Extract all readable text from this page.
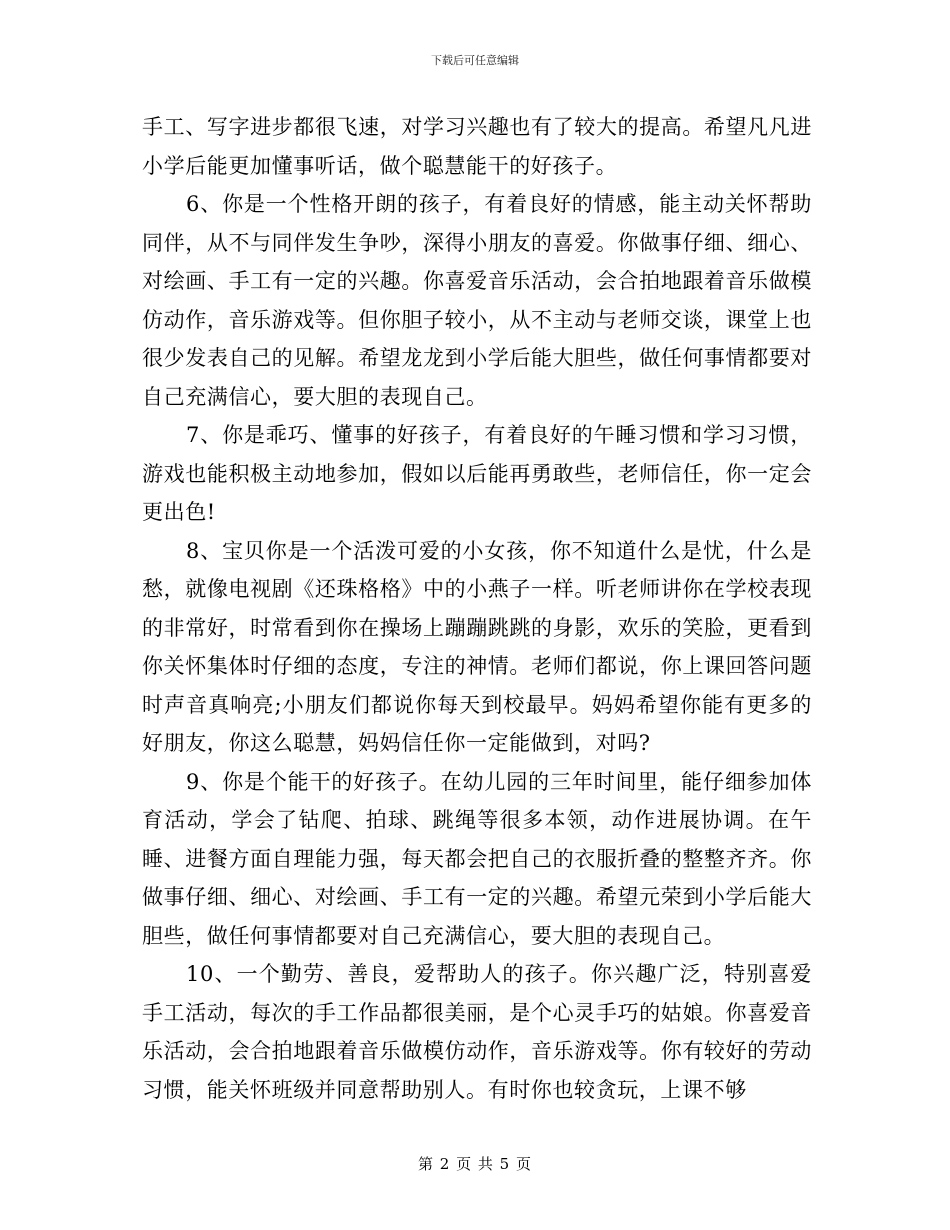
下载后可任意编辑

手工、写字进步都很飞速，对学习兴趣也有了较大的提高。希望凡凡进小学后能更加懂事听话，做个聪慧能干的好孩子。

6、你是一个性格开朗的孩子，有着良好的情感，能主动关怀帮助同伴，从不与同伴发生争吵，深得小朋友的喜爱。你做事仔细、细心、对绘画、手工有一定的兴趣。你喜爱音乐活动，会合拍地跟着音乐做模仿动作，音乐游戏等。但你胆子较小，从不主动与老师交谈，课堂上也很少发表自己的见解。希望龙龙到小学后能大胆些，做任何事情都要对自己充满信心，要大胆的表现自己。

7、你是乖巧、懂事的好孩子，有着良好的午睡习惯和学习习惯，游戏也能积极主动地参加，假如以后能再勇敢些，老师信任，你一定会更出色!

8、宝贝你是一个活泼可爱的小女孩，你不知道什么是忧，什么是愁，就像电视剧《还珠格格》中的小燕子一样。听老师讲你在学校表现的非常好，时常看到你在操场上蹦蹦跳跳的身影，欢乐的笑脸，更看到你关怀集体时仔细的态度，专注的神情。老师们都说，你上课回答问题时声音真响亮;小朋友们都说你每天到校最早。妈妈希望你能有更多的好朋友，你这么聪慧，妈妈信任你一定能做到，对吗?

9、你是个能干的好孩子。在幼儿园的三年时间里，能仔细参加体育活动，学会了钻爬、拍球、跳绳等很多本领，动作进展协调。在午睡、进餐方面自理能力强，每天都会把自己的衣服折叠的整整齐齐。你做事仔细、细心、对绘画、手工有一定的兴趣。希望元荣到小学后能大胆些，做任何事情都要对自己充满信心，要大胆的表现自己。

10、一个勤劳、善良，爱帮助人的孩子。你兴趣广泛，特别喜爱手工活动，每次的手工作品都很美丽，是个心灵手巧的姑娘。你喜爱音乐活动，会合拍地跟着音乐做模仿动作，音乐游戏等。你有较好的劳动习惯，能关怀班级并同意帮助别人。有时你也较贪玩，上课不够

第 2 页 共 5 页
